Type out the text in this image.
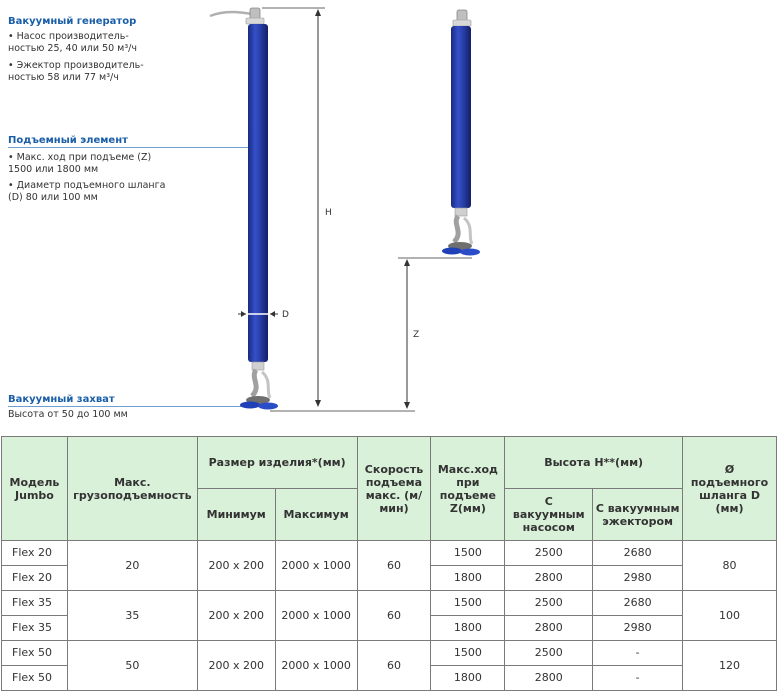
Вакуумный генератор
• Насос производитель-
ностью 25, 40 или 50 м³/ч
• Эжектор производитель-
ностью 58 или 77 м³/ч
Подъемный элемент
• Макс. ход при подъеме (Z)
1500 или 1800 мм
• Диаметр подъемного шланга
(D) 80 или 100 мм
Вакуумный захват
Высота от 50 до 100 мм
H
D
Z
Модель Jumbo	Макс. грузоподъемность	Размер изделия*(мм)		Скорость подъема макс. (м/мин)	Макс.ход при подъеме Z(мм)	Высота H**(мм)		Ø подъемного шланга D (мм)
		Минимум	Максимум			С вакуумным насосом	С вакуумным эжектором	
Flex 20	20	200 x 200	2000 x 1000	60	1500	2500	2680	80
Flex 20					1800	2800	2980	
Flex 35	35	200 x 200	2000 x 1000	60	1500	2500	2680	100
Flex 35					1800	2800	2980	
Flex 50	50	200 x 200	2000 x 1000	60	1500	2500	-	120
Flex 50					1800	2800	-	
